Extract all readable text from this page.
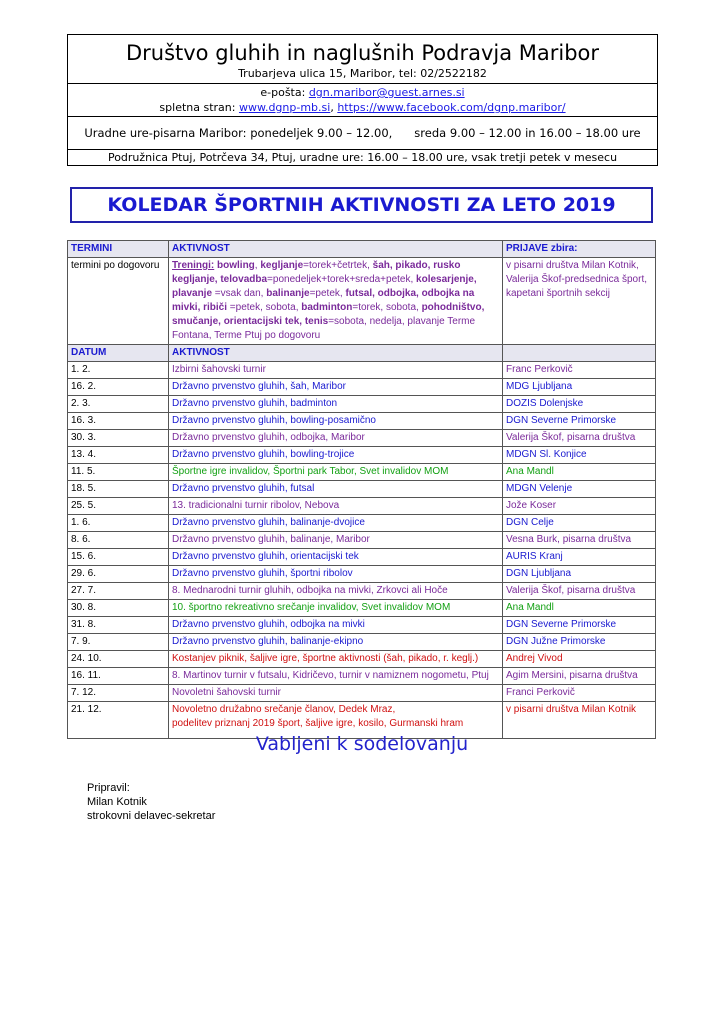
Društvo gluhih in naglušnih Podravja Maribor
Trubarjeva ulica 15, Maribor, tel: 02/2522182
e-pošta: dgn.maribor@guest.arnes.si
spletna stran: www.dgnp-mb.si, https://www.facebook.com/dgnp.maribor/
Uradne ure-pisarna Maribor: ponedeljek 9.00 – 12.00, sreda 9.00 – 12.00 in 16.00 – 18.00 ure
Podružnica Ptuj, Potrčeva 34, Ptuj, uradne ure: 16.00 – 18.00 ure, vsak tretji petek v mesecu
KOLEDAR ŠPORTNIH AKTIVNOSTI ZA LETO 2019
TERMINI	AKTIVNOST	PRIJAVE zbira:
termini po dogovoru	Treningi: bowling, kegljanje=torek+četrtek, šah, pikado, rusko kegljanje, telovadba=ponedeljek+torek+sreda+petek, kolesarjenje, plavanje =vsak dan, balinanje=petek, futsal, odbojka, odbojka na mivki, ribiči =petek, sobota, badminton=torek, sobota, pohodništvo, smučanje, orientacijski tek, tenis=sobota, nedelja, plavanje Terme Fontana, Terme Ptuj po dogovoru	v pisarni društva Milan Kotnik, Valerija Škof-predsednica šport, kapetani športnih sekcij
DATUM	AKTIVNOST	
1. 2.	Izbirni šahovski turnir	Franc Perkovič
16. 2.	Državno prvenstvo gluhih, šah, Maribor	MDG Ljubljana
2. 3.	Državno prvenstvo gluhih, badminton	DOZIS Dolenjske
16. 3.	Državno prvenstvo gluhih, bowling-posamično	DGN Severne Primorske
30. 3.	Državno prvenstvo gluhih, odbojka, Maribor	Valerija Škof, pisarna društva
13. 4.	Državno prvenstvo gluhih, bowling-trojice	MDGN Sl. Konjice
11. 5.	Športne igre invalidov, Športni park Tabor, Svet invalidov MOM	Ana Mandl
18. 5.	Državno prvenstvo gluhih, futsal	MDGN Velenje
25. 5.	13. tradicionalni turnir ribolov, Nebova	Jože Koser
1. 6.	Državno prvenstvo gluhih, balinanje-dvojice	DGN Celje
8. 6.	Državno prvenstvo gluhih, balinanje, Maribor	Vesna Burk, pisarna društva
15. 6.	Državno prvenstvo gluhih, orientacijski tek	AURIS Kranj
29. 6.	Državno prvenstvo gluhih, športni ribolov	DGN Ljubljana
27. 7.	8. Mednarodni turnir gluhih, odbojka na mivki, Zrkovci ali Hoče	Valerija Škof, pisarna društva
30. 8.	10. športno rekreativno srečanje invalidov, Svet invalidov MOM	Ana Mandl
31. 8.	Državno prvenstvo gluhih, odbojka na mivki	DGN Severne Primorske
7. 9.	Državno prvenstvo gluhih, balinanje-ekipno	DGN Južne Primorske
24. 10.	Kostanjev piknik, šaljive igre, športne aktivnosti (šah, pikado, r. keglj.)	Andrej Vivod
16. 11.	8. Martinov turnir v futsalu, Kidričevo, turnir v namiznem nogometu, Ptuj	Agim Mersini, pisarna društva
7. 12.	Novoletni šahovski turnir	Franci Perkovič
21. 12.	Novoletno družabno srečanje članov, Dedek Mraz,
podelitev priznanj 2019 šport, šaljive igre, kosilo, Gurmanski hram	v pisarni društva Milan Kotnik
Vabljeni k sodelovanju
Pripravil:
Milan Kotnik
strokovni delavec-sekretar
